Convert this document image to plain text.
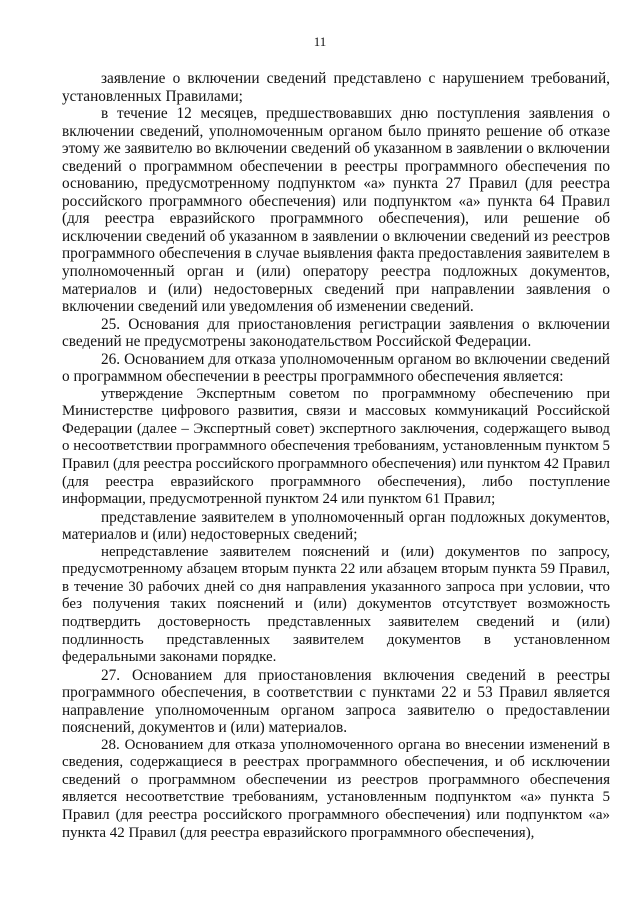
11

заявление о включении сведений представлено с нарушением требований, установленных Правилами;

в течение 12 месяцев, предшествовавших дню поступления заявления о включении сведений, уполномоченным органом было принято решение об отказе этому же заявителю во включении сведений об указанном в заявлении о включении сведений о программном обеспечении в реестры программного обеспечения по основанию, предусмотренному подпунктом «а» пункта 27 Правил (для реестра российского программного обеспечения) или подпунктом «а» пункта 64 Правил (для реестра евразийского программного обеспечения), или решение об исключении сведений об указанном в заявлении о включении сведений из реестров программного обеспечения в случае выявления факта предоставления заявителем в уполномоченный орган и (или) оператору реестра подложных документов, материалов и (или) недостоверных сведений при направлении заявления о включении сведений или уведомления об изменении сведений.

25. Основания для приостановления регистрации заявления о включении сведений не предусмотрены законодательством Российской Федерации.

26. Основанием для отказа уполномоченным органом во включении сведений о программном обеспечении в реестры программного обеспечения является:

утверждение Экспертным советом по программному обеспечению при Министерстве цифрового развития, связи и массовых коммуникаций Российской Федерации (далее – Экспертный совет) экспертного заключения, содержащего вывод о несоответствии программного обеспечения требованиям, установленным пунктом 5 Правил (для реестра российского программного обеспечения) или пунктом 42 Правил (для реестра евразийского программного обеспечения), либо поступление информации, предусмотренной пунктом 24 или пунктом 61 Правил;

представление заявителем в уполномоченный орган подложных документов, материалов и (или) недостоверных сведений;

непредставление заявителем пояснений и (или) документов по запросу, предусмотренному абзацем вторым пункта 22 или абзацем вторым пункта 59 Правил, в течение 30 рабочих дней со дня направления указанного запроса при условии, что без получения таких пояснений и (или) документов отсутствует возможность подтвердить достоверность представленных заявителем сведений и (или) подлинность представленных заявителем документов в установленном федеральными законами порядке.

27. Основанием для приостановления включения сведений в реестры программного обеспечения, в соответствии с пунктами 22 и 53 Правил является направление уполномоченным органом запроса заявителю о предоставлении пояснений, документов и (или) материалов.

28. Основанием для отказа уполномоченного органа во внесении изменений в сведения, содержащиеся в реестрах программного обеспечения, и об исключении сведений о программном обеспечении из реестров программного обеспечения является несоответствие требованиям, установленным подпунктом «а» пункта 5 Правил (для реестра российского программного обеспечения) или подпунктом «а» пункта 42 Правил (для реестра евразийского программного обеспечения),
